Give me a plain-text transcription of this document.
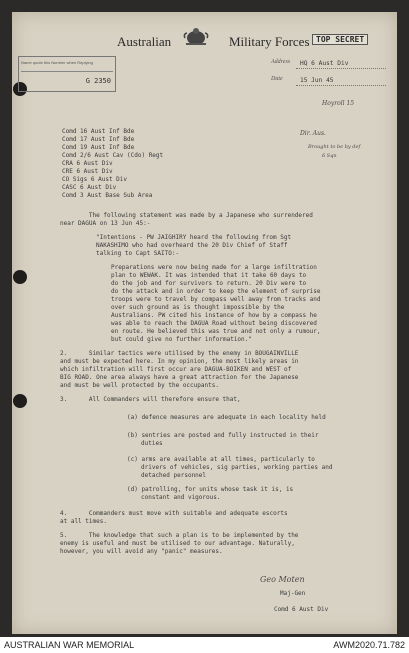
Name quote this Number when Replying
G 2350
Australian	Military Forces TOP SECRET
Address HQ 6 Aust Div
Date	15 Jun 45
Hoyroll 15
Dir. Aus.
Brought to be by def
6 Sqn
Comd 16 Aust Inf Bde
Comd 17 Aust Inf Bde
Comd 19 Aust Inf Bde
Comd 2/6 Aust Cav (Cdo) Regt
CRA 6 Aust Div
CRE 6 Aust Div
CO Sigs 6 Aust Div
CASC 6 Aust Div
Comd 3 Aust Base Sub Area
The following statement was made by a Japanese who surrendered
near DAGUA on 13 Jun 45:-
"Intentions - PW JAIGHIRY heard the following from Sgt
NAKASHIMO who had overheard the 20 Div Chief of Staff
talking to Capt SAITO:-
Preparations were now being made for a large infiltration
plan to WEWAK. It was intended that it take 60 days to
do the job and for survivors to return. 20 Div were to
do the attack and in order to keep the element of surprise
troops were to travel by compass well away from tracks and
over such ground as is thought impossible by the
Australians. PW cited his instance of how by a compass he
was able to reach the DAGUA Road without being discovered
en route. He believed this was true and not only a rumour,
but could give no further information."
2.      Similar tactics were utilised by the enemy in BOUGAINVILLE
and must be expected here. In my opinion, the most likely areas in
which infiltration will first occur are DAGUA-BOIKEN and WEST of
BIG ROAD. One area always have a great attraction for the Japanese
and must be well protected by the occupants.
3.      All Commanders will therefore ensure that,
(a) defence measures are adequate in each locality held
(b) sentries are posted and fully instructed in their
duties
(c) arms are available at all times, particularly to
drivers of vehicles, sig parties, working parties and
detached personnel
(d) patrolling, for units whose task it is, is
constant and vigorous.
4.      Commanders must move with suitable and adequate escorts
at all times.
5.      The knowledge that such a plan is to be implemented by the
enemy is useful and must be utilised to our advantage. Naturally,
however, you will avoid any "panic" measures.
Geo Moten
Maj-Gen
Comd 6 Aust Div
AUSTRALIAN WAR MEMORIAL	AWM2020.71.782
